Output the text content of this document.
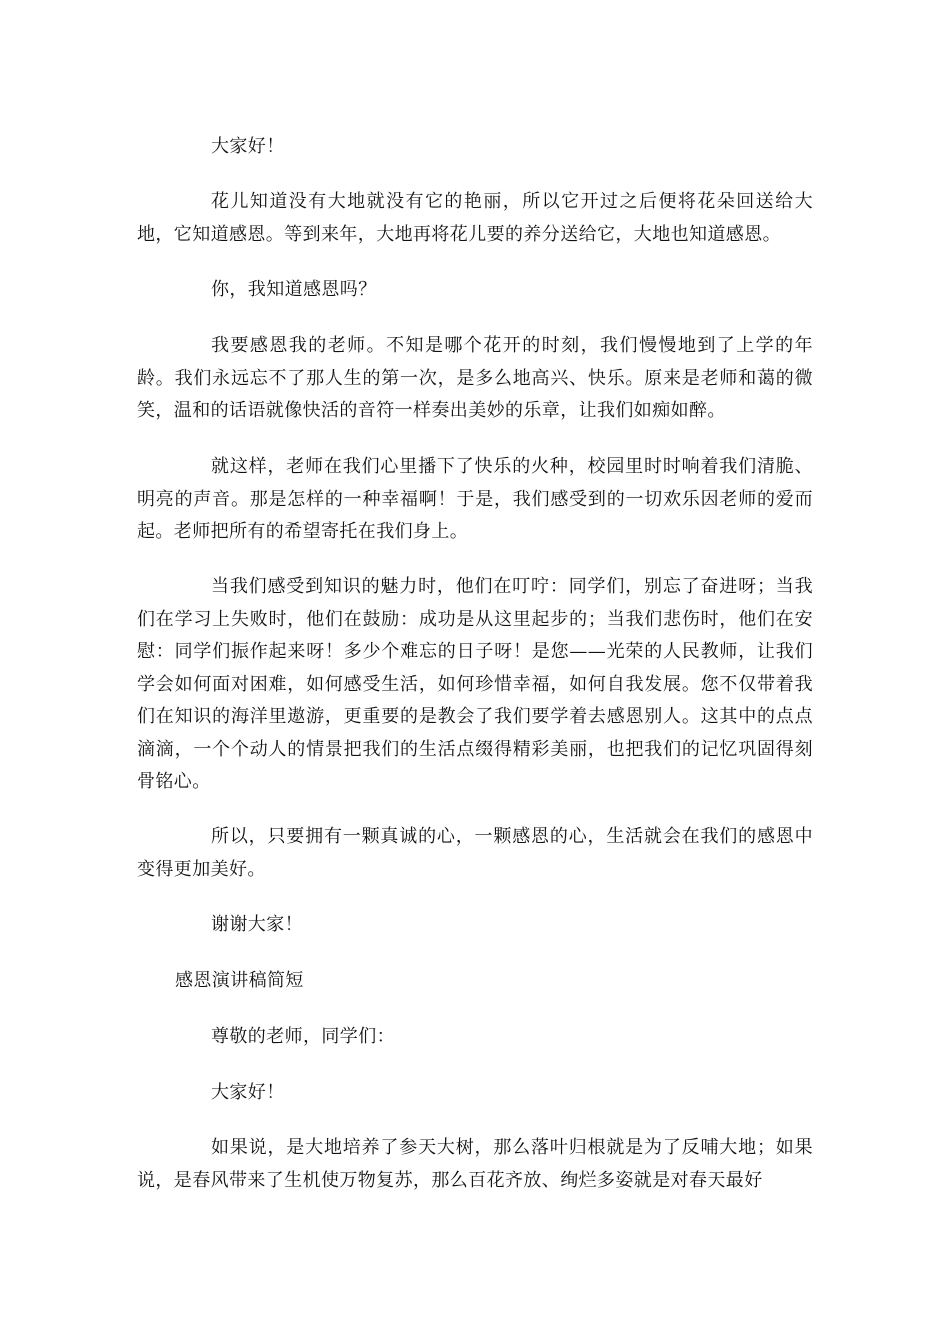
大家好！

花儿知道没有大地就没有它的艳丽，所以它开过之后便将花朵回送给大地，它知道感恩。等到来年，大地再将花儿要的养分送给它，大地也知道感恩。

你，我知道感恩吗？

我要感恩我的老师。不知是哪个花开的时刻，我们慢慢地到了上学的年龄。我们永远忘不了那人生的第一次，是多么地高兴、快乐。原来是老师和蔼的微笑，温和的话语就像快活的音符一样奏出美妙的乐章，让我们如痴如醉。

就这样，老师在我们心里播下了快乐的火种，校园里时时响着我们清脆、明亮的声音。那是怎样的一种幸福啊！于是，我们感受到的一切欢乐因老师的爱而起。老师把所有的希望寄托在我们身上。

当我们感受到知识的魅力时，他们在叮咛：同学们，别忘了奋进呀；当我们在学习上失败时，他们在鼓励：成功是从这里起步的；当我们悲伤时，他们在安慰：同学们振作起来呀！多少个难忘的日子呀！是您——光荣的人民教师，让我们学会如何面对困难，如何感受生活，如何珍惜幸福，如何自我发展。您不仅带着我们在知识的海洋里遨游，更重要的是教会了我们要学着去感恩别人。这其中的点点滴滴，一个个动人的情景把我们的生活点缀得精彩美丽，也把我们的记忆巩固得刻骨铭心。

所以，只要拥有一颗真诚的心，一颗感恩的心，生活就会在我们的感恩中变得更加美好。

谢谢大家！

感恩演讲稿简短

尊敬的老师，同学们：

大家好！

如果说，是大地培养了参天大树，那么落叶归根就是为了反哺大地；如果说，是春风带来了生机使万物复苏，那么百花齐放、绚烂多姿就是对春天最好
